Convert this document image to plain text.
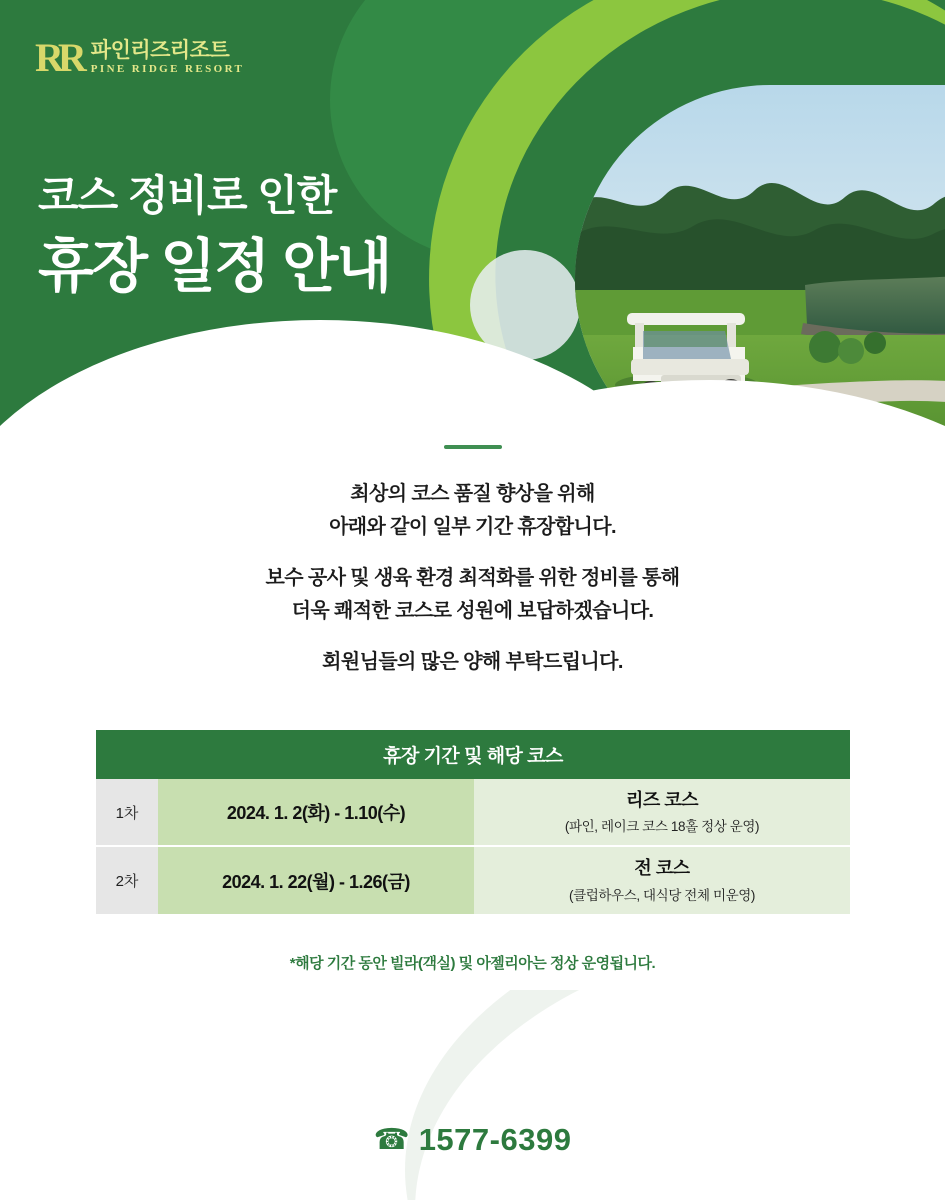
RR 파인리즈리조트
PINE RIDGE RESORT
코스 정비로 인한
휴장 일정 안내

최상의 코스 품질 향상을 위해

아래와 같이 일부 기간 휴장합니다.

보수 공사 및 생육 환경 최적화를 위한 정비를 통해

더욱 쾌적한 코스로 성원에 보답하겠습니다.

회원님들의 많은 양해 부탁드립니다.

휴장 기간 및 해당 코스
1차	2024. 1. 2(화) - 1.10(수)
리즈 코스
(파인, 레이크 코스 18홀 정상 운영)
2차	2024. 1. 22(월) - 1.26(금)
전 코스
(클럽하우스, 대식당 전체 미운영)
*해당 기간 동안 빌라(객실) 및 아젤리아는 정상 운영됩니다.
☎ 1577-6399
